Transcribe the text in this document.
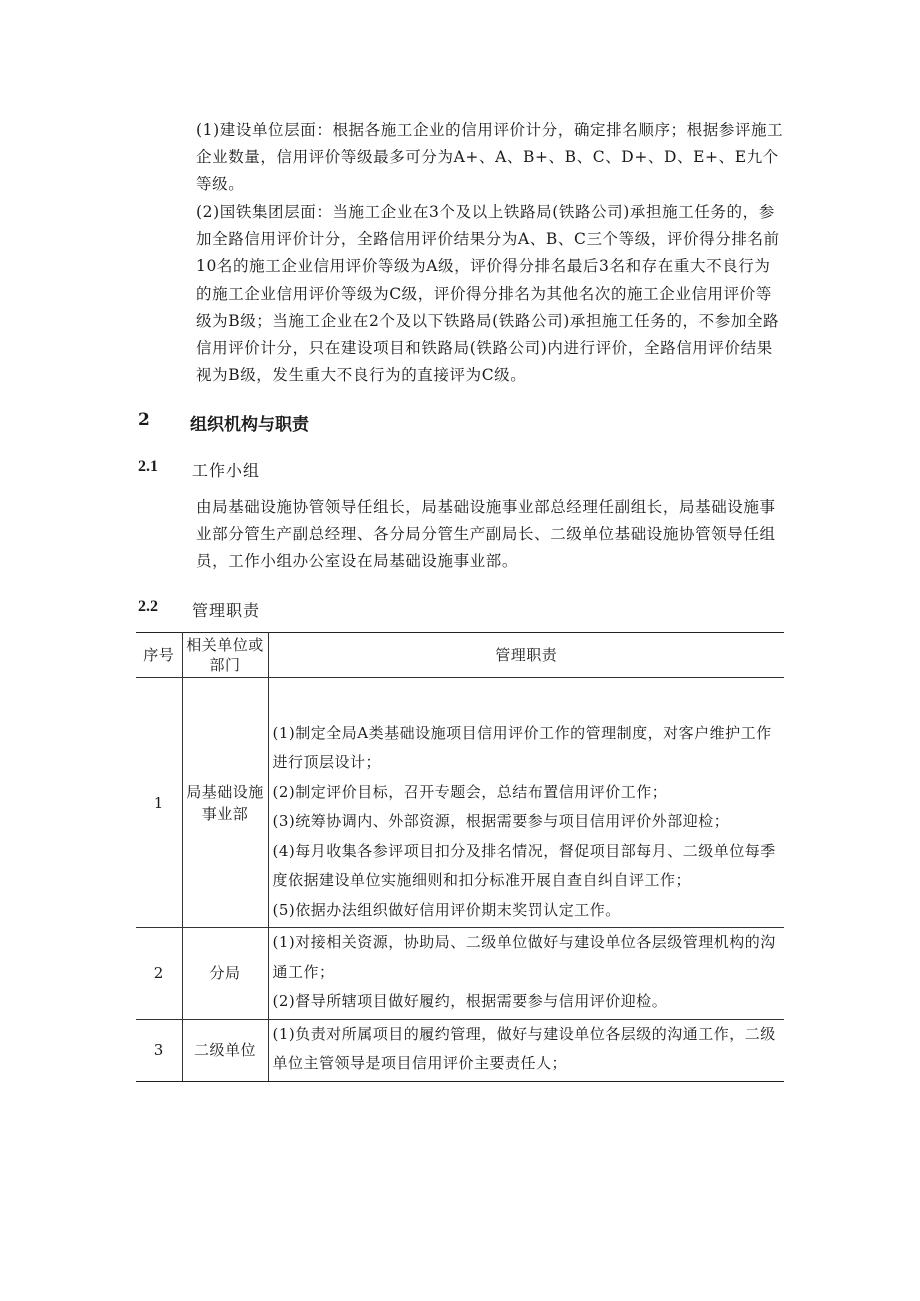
(1)建设单位层面：根据各施工企业的信用评价计分，确定排名顺序；根据参评施工企业数量，信用评价等级最多可分为A+、A、B+、B、C、D+、D、E+、E九个等级。

(2)国铁集团层面：当施工企业在3个及以上铁路局(铁路公司)承担施工任务的，参加全路信用评价计分，全路信用评价结果分为A、B、C三个等级，评价得分排名前10名的施工企业信用评价等级为A级，评价得分排名最后3名和存在重大不良行为的施工企业信用评价等级为C级，评价得分排名为其他名次的施工企业信用评价等级为B级；当施工企业在2个及以下铁路局(铁路公司)承担施工任务的，不参加全路信用评价计分，只在建设项目和铁路局(铁路公司)内进行评价，全路信用评价结果视为B级，发生重大不良行为的直接评为C级。

2	组织机构与职责
2.1	工作小组

由局基础设施协管领导任组长，局基础设施事业部总经理任副组长，局基础设施事业部分管生产副总经理、各分局分管生产副局长、二级单位基础设施协管领导任组员，工作小组办公室设在局基础设施事业部。

2.2	管理职责
序号	相关单位或部门	管理职责
1	局基础设施事业部	(1)制定全局A类基础设施项目信用评价工作的管理制度，对客户维护工作进行顶层设计；
(2)制定评价目标，召开专题会，总结布置信用评价工作；
(3)统筹协调内、外部资源，根据需要参与项目信用评价外部迎检；
(4)每月收集各参评项目扣分及排名情况，督促项目部每月、二级单位每季度依据建设单位实施细则和扣分标准开展自查自纠自评工作；
(5)依据办法组织做好信用评价期末奖罚认定工作。

2	分局	(1)对接相关资源，协助局、二级单位做好与建设单位各层级管理机构的沟通工作；
(2)督导所辖项目做好履约，根据需要参与信用评价迎检。

3	二级单位	(1)负责对所属项目的履约管理，做好与建设单位各层级的沟通工作，二级单位主管领导是项目信用评价主要责任人；
